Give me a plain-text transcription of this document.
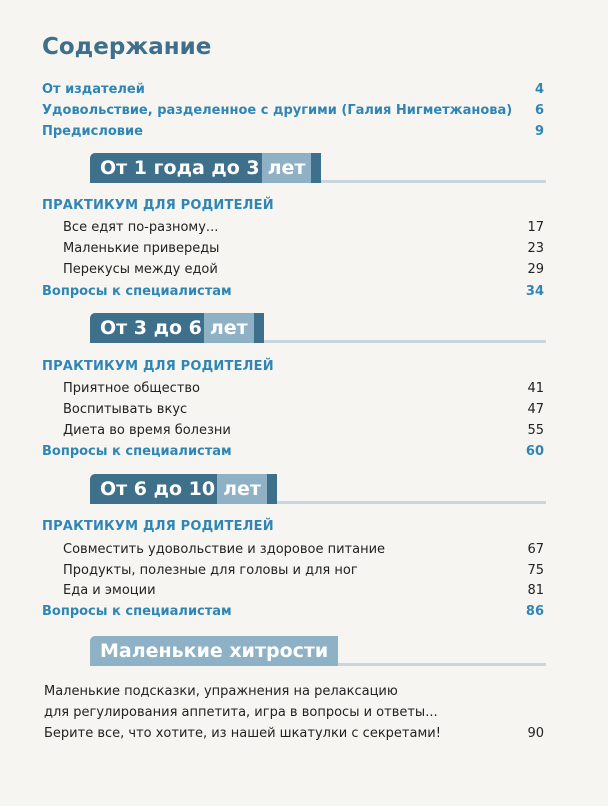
Содержание
От издателей	4
Удовольствие, разделенное с другими (Галия Нигметжанова) 6
Предисловие	9
От 1 года до 3 лет
ПРАКТИКУМ ДЛЯ РОДИТЕЛЕЙ
Все едят по-разному...	17
Маленькие привереды	23
Перекусы между едой	29
Вопросы к специалистам	34
От 3 до 6 лет
ПРАКТИКУМ ДЛЯ РОДИТЕЛЕЙ
Приятное общество	41
Воспитывать вкус	47
Диета во время болезни	55
Вопросы к специалистам	60
От 6 до 10 лет
ПРАКТИКУМ ДЛЯ РОДИТЕЛЕЙ
Совместить удовольствие и здоровое питание	67
Продукты, полезные для головы и для ног	75
Еда и эмоции	81
Вопросы к специалистам	86
Маленькие хитрости
Маленькие подсказки, упражнения на релаксацию
для регулирования аппетита, игра в вопросы и ответы...
Берите все, что хотите, из нашей шкатулки с секретами!	90
